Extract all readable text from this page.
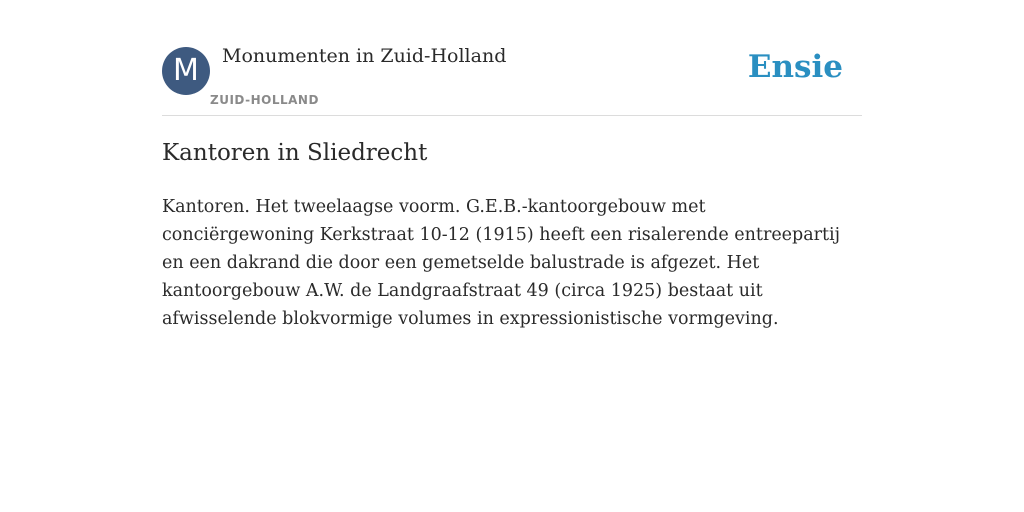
M	Monumenten in Zuid-Holland
ZUID-HOLLAND
Ensie
Kantoren in Sliedrecht

Kantoren. Het tweelaagse voorm. G.E.B.-kantoorgebouw met conciërgewoning Kerkstraat 10-12 (1915) heeft een risalerende entreepartij en een dakrand die door een gemetselde balustrade is afgezet. Het kantoorgebouw A.W. de Landgraafstraat 49 (circa 1925) bestaat uit afwisselende blokvormige volumes in expressionistische vormgeving.
